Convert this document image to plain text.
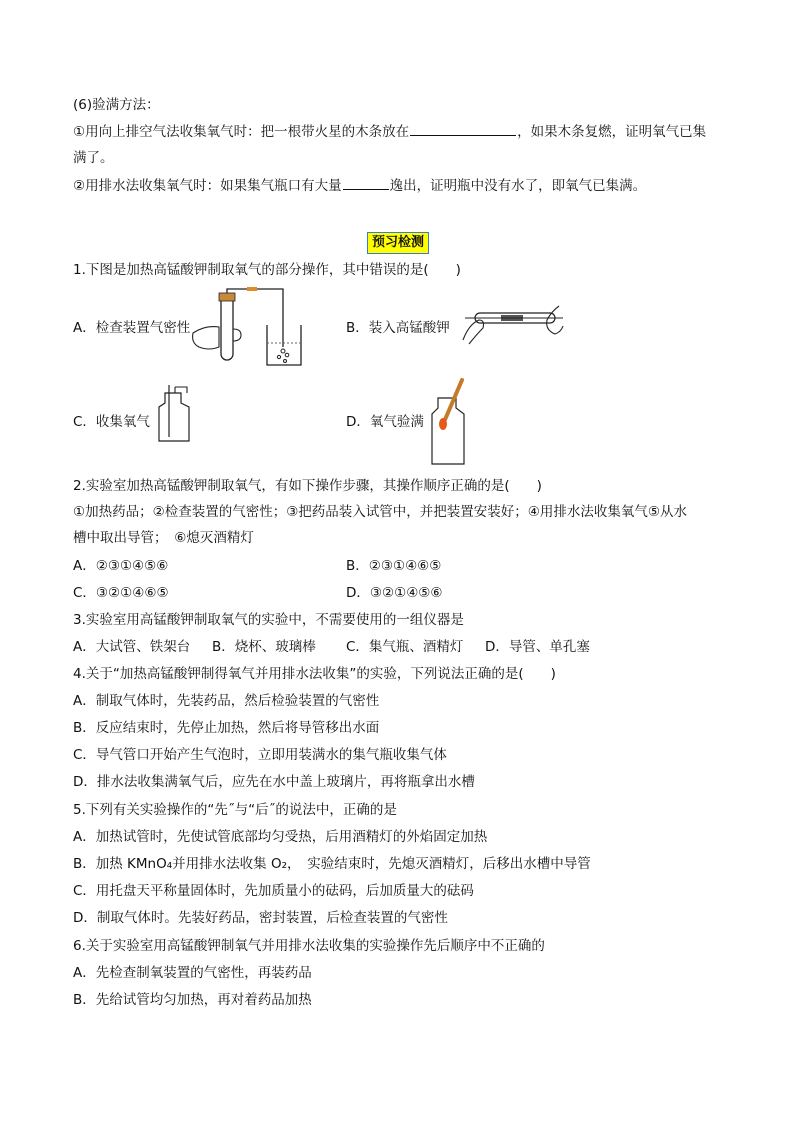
(6)验满方法：
①用向上排空气法收集氧气时：把一根带火星的木条放在	，如果木条复燃，证明氧气已集
满了。
②用排水法收集氧气时：如果集气瓶口有大量	逸出，证明瓶中没有水了，即氧气已集满。
预习检测
1.下图是加热高锰酸钾制取氧气的部分操作，其中错误的是(　　)
A．检查装置气密性	B．装入高锰酸钾
C．收集氧气	D．氧气验满
2.实验室加热高锰酸钾制取氧气，有如下操作步骤，其操作顺序正确的是(　　)
①加热药品；②检查装置的气密性；③把药品装入试管中，并把装置安装好；④用排水法收集氧气⑤从水
槽中取出导管；　⑥熄灭酒精灯
A．②③①④⑤⑥	B．②③①④⑥⑤
C．③②①④⑥⑤	D．③②①④⑤⑥
3.实验室用高锰酸钾制取氧气的实验中，不需要使用的一组仪器是
A．大试管、铁架台 B．烧杯、玻璃棒 C．集气瓶、酒精灯 D．导管、单孔塞
4.关于“加热高锰酸钾制得氧气并用排水法收集”的实验，下列说法正确的是(　　)
A．制取气体时，先装药品，然后检验装置的气密性
B．反应结束时，先停止加热，然后将导管移出水面
C．导气管口开始产生气泡时，立即用装满水的集气瓶收集气体
D．排水法收集满氧气后，应先在水中盖上玻璃片，再将瓶拿出水槽
5.下列有关实验操作的“先˝与“后˝的说法中，正确的是
A．加热试管时，先使试管底部均匀受热，后用酒精灯的外焰固定加热
B．加热 KMnO₄并用排水法收集 O₂，　实验结束时，先熄灭酒精灯，后移出水槽中导管
C．用托盘天平称量固体时，先加质量小的砝码，后加质量大的砝码
D．制取气体时。先装好药品，密封装置，后检查装置的气密性
6.关于实验室用高锰酸钾制氧气并用排水法收集的实验操作先后顺序中不正确的
A．先检查制氧装置的气密性，再装药品
B．先给试管均匀加热，再对着药品加热
